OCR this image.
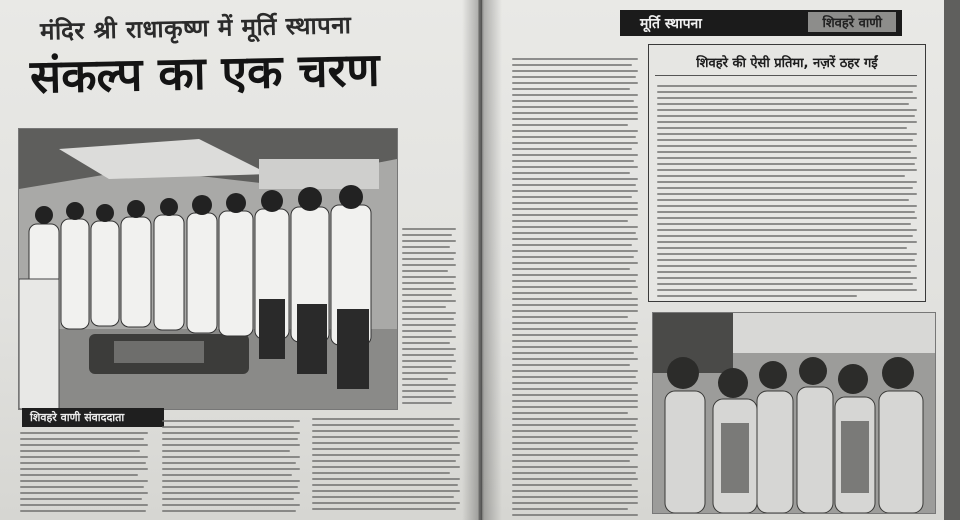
मंदिर श्री राधाकृष्ण में मूर्ति स्थापना
संकल्प का एक चरण
शिवहरे वाणी संवाददाता
मूर्ति स्थापना	शिवहरे वाणी
शिवहरे की ऐसी प्रतिमा, नज़रें ठहर गईं
